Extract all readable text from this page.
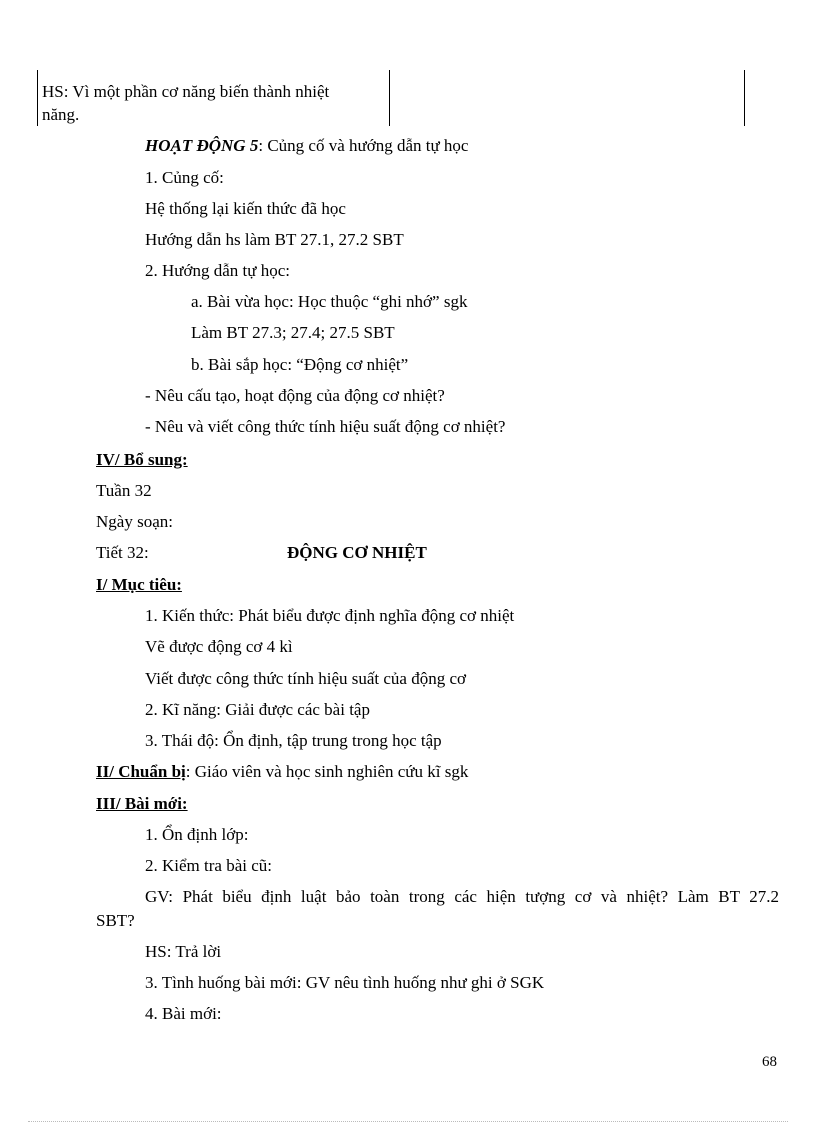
HS: Vì một phần cơ năng biến thành nhiệt
năng.
HOẠT ĐỘNG 5: Củng cố và hướng dẫn tự học
1. Củng cố:
Hệ thống lại kiến thức đã học
Hướng dẫn hs làm BT 27.1, 27.2 SBT
2. Hướng dẫn tự học:
a. Bài vừa học: Học thuộc “ghi nhớ” sgk
Làm BT 27.3; 27.4; 27.5 SBT
b. Bài sắp học: “Động cơ nhiệt”
- Nêu cấu tạo, hoạt động của động cơ nhiệt?
- Nêu và viết công thức tính hiệu suất động cơ nhiệt?
IV/ Bổ sung:
Tuần 32
Ngày soạn:
Tiết 32:	ĐỘNG CƠ NHIỆT
I/ Mục tiêu:
1. Kiến thức: Phát biểu được định nghĩa động cơ nhiệt
Vẽ được động cơ 4 kì
Viết được công thức tính hiệu suất của động cơ
2. Kĩ năng: Giải được các bài tập
3. Thái độ: Ổn định, tập trung trong học tập
II/ Chuẩn bị: Giáo viên và học sinh nghiên cứu kĩ sgk
III/ Bài mới:
1. Ổn định lớp:
2. Kiểm tra bài cũ:
GV: Phát biểu định luật bảo toàn trong các hiện tượng cơ và nhiệt? Làm BT 27.2
SBT?
HS: Trả lời
3. Tình huống bài mới: GV nêu tình huống như ghi ở SGK
4. Bài mới:
68
